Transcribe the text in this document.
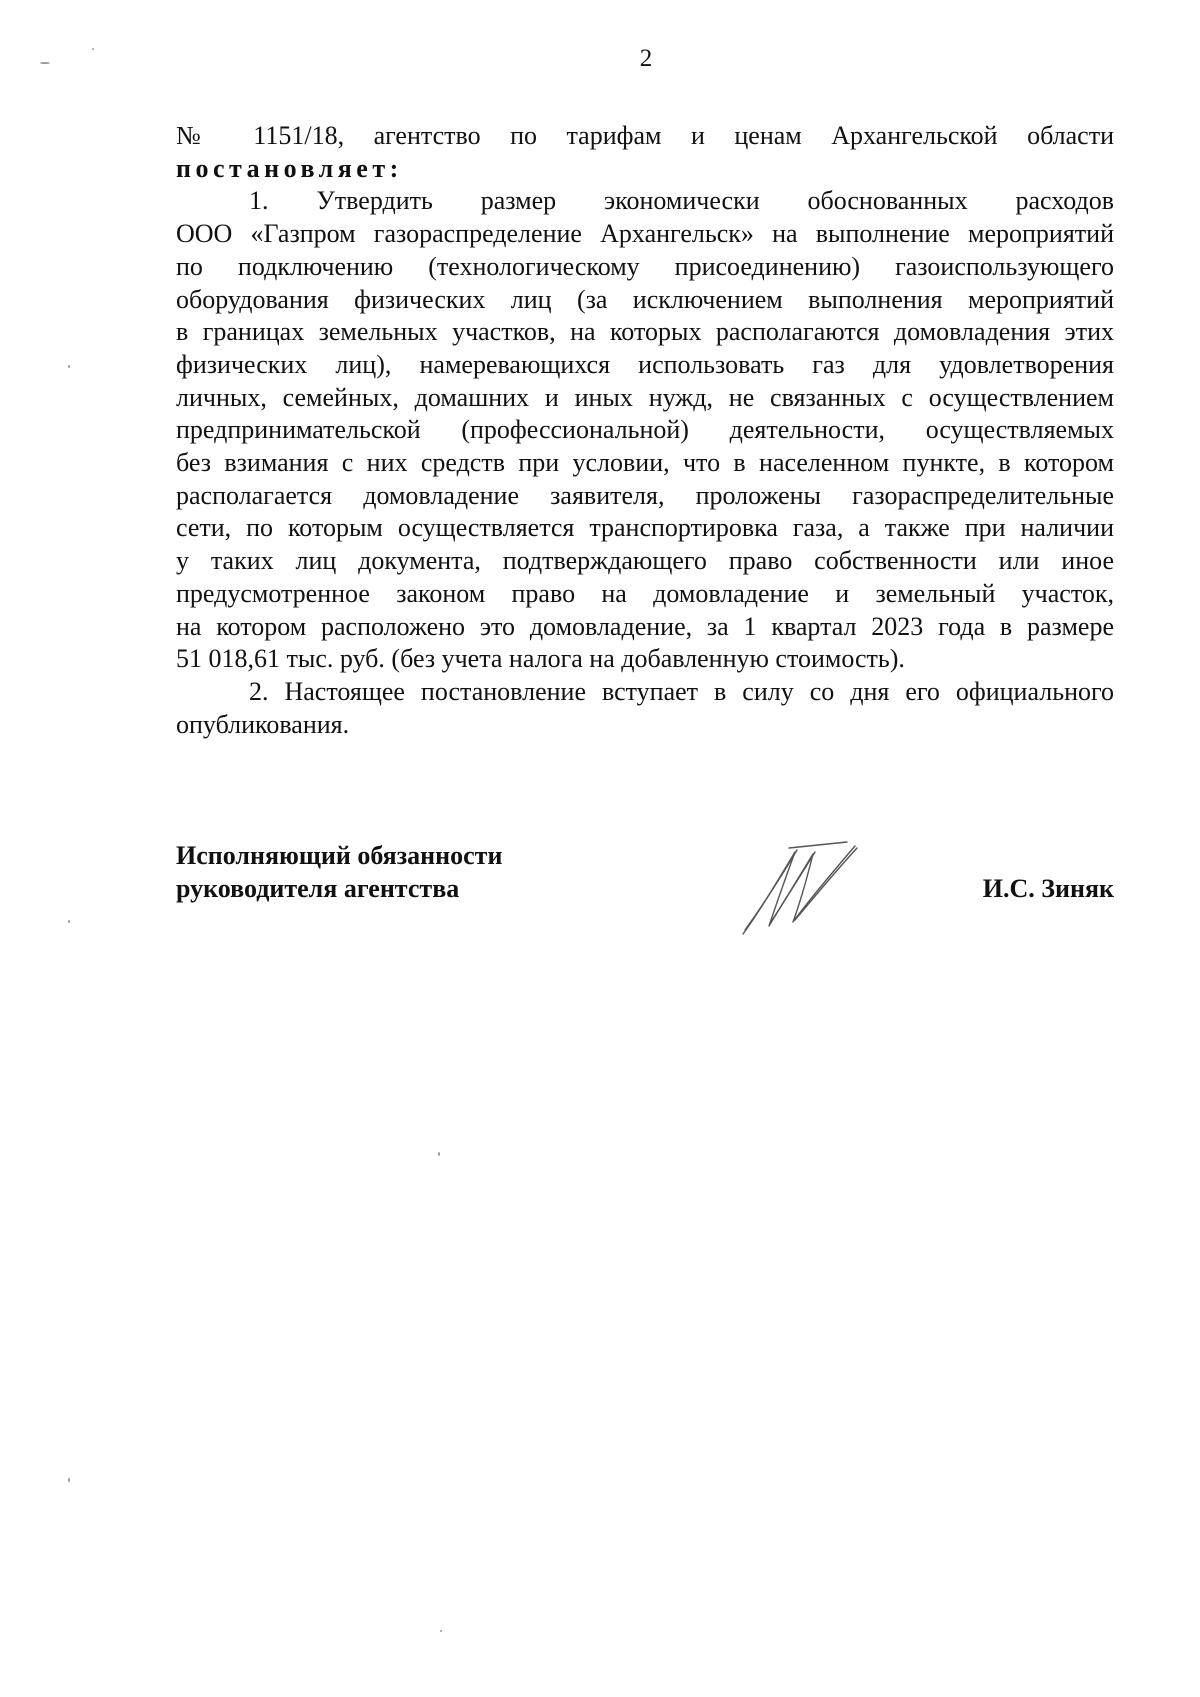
2
№ 1151/18, агентство по тарифам и ценам Архангельской области
постановляет:
1. Утвердить размер экономически обоснованных расходов
ООО «Газпром газораспределение Архангельск» на выполнение мероприятий
по подключению (технологическому присоединению) газоиспользующего
оборудования физических лиц (за исключением выполнения мероприятий
в границах земельных участков, на которых располагаются домовладения этих
физических лиц), намеревающихся использовать газ для удовлетворения
личных, семейных, домашних и иных нужд, не связанных с осуществлением
предпринимательской (профессиональной) деятельности, осуществляемых
без взимания с них средств при условии, что в населенном пункте, в котором
располагается домовладение заявителя, проложены газораспределительные
сети, по которым осуществляется транспортировка газа, а также при наличии
у таких лиц документа, подтверждающего право собственности или иное
предусмотренное законом право на домовладение и земельный участок,
на котором расположено это домовладение, за 1 квартал 2023 года в размере
51 018,61 тыс. руб. (без учета налога на добавленную стоимость).
2. Настоящее постановление вступает в силу со дня его официального
опубликования.
Исполняющий обязанности
руководителя агентства	И.С. Зиняк
